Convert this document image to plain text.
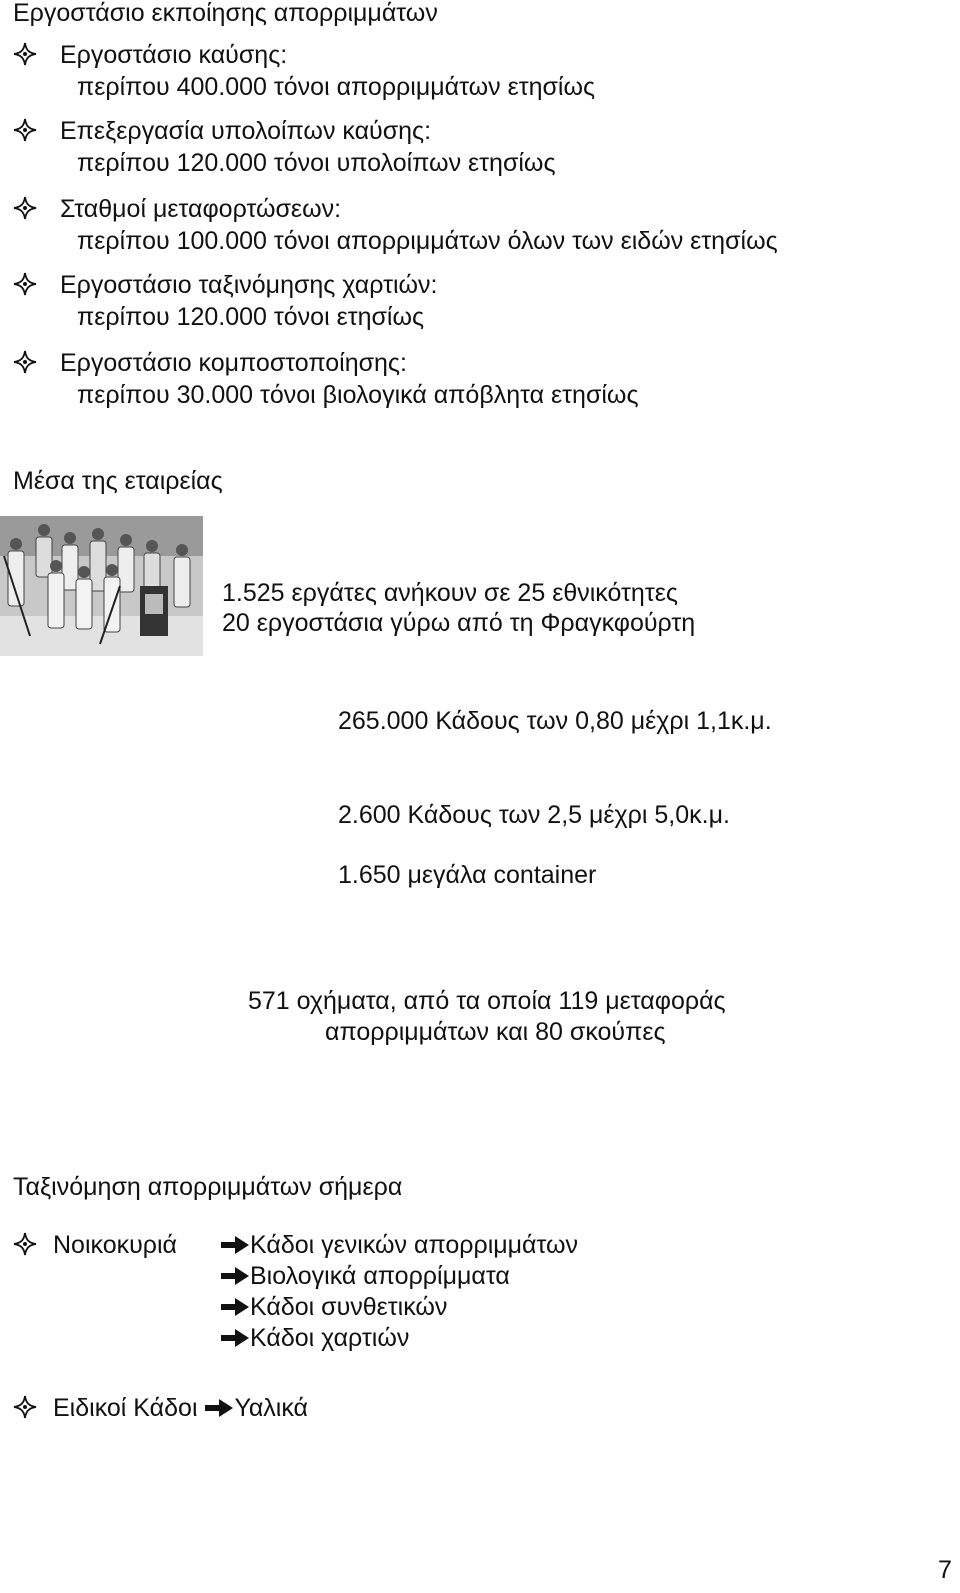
Εργοστάσιο εκποίησης απορριμμάτων
Εργοστάσιο καύσης:
περίπου 400.000 τόνοι απορριμμάτων ετησίως
Επεξεργασία υπολοίπων καύσης:
περίπου 120.000 τόνοι υπολοίπων ετησίως
Σταθμοί μεταφορτώσεων:
περίπου 100.000 τόνοι απορριμμάτων όλων των ειδών ετησίως
Εργοστάσιο ταξινόμησης χαρτιών:
περίπου 120.000 τόνοι ετησίως
Εργοστάσιο κομποστοποίησης:
περίπου 30.000 τόνοι βιολογικά απόβλητα ετησίως
Μέσα της εταιρείας
1.525 εργάτες ανήκουν σε 25 εθνικότητες
20 εργοστάσια γύρω από τη Φραγκφούρτη
265.000 Κάδους των 0,80 μέχρι 1,1κ.μ.
2.600 Κάδους των 2,5 μέχρι 5,0κ.μ.
1.650 μεγάλα container
571 οχήματα, από τα οποία 119 μεταφοράς
απορριμμάτων και 80 σκούπες
Ταξινόμηση απορριμμάτων σήμερα
Νοικοκυριά	Κάδοι γενικών απορριμμάτων
Βιολογικά απορρίμματα
Κάδοι συνθετικών
Κάδοι χαρτιών
Ειδικοί Κάδοι Υαλικά
7
